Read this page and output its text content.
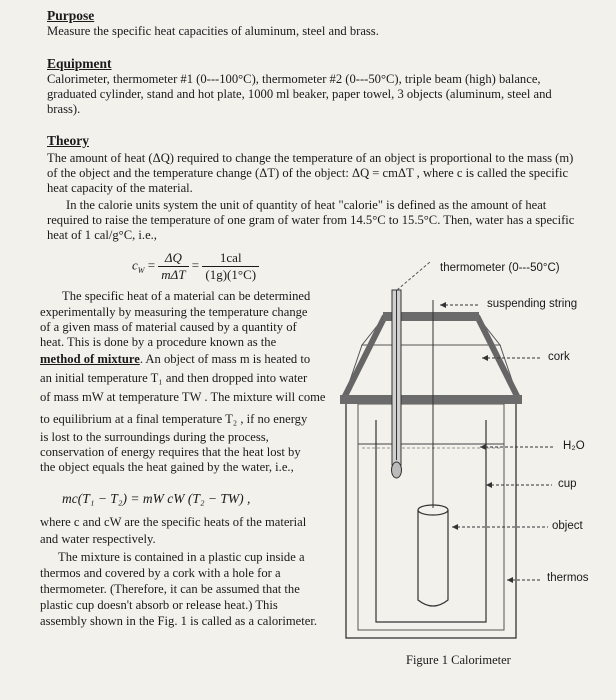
Purpose
Measure the specific heat capacities of aluminum, steel and brass.
Equipment
Calorimeter, thermometer #1 (0---100°C), thermometer #2 (0---50°C), triple beam (high) balance,
graduated cylinder, stand and hot plate, 1000 ml beaker, paper towel, 3 objects (aluminum, steel and
brass).
Theory
The amount of heat (ΔQ) required to change the temperature of an object is proportional to the mass (m)
of the object and the temperature change (ΔT) of the object: ΔQ = cmΔT , where c is called the specific
heat capacity of the material.
In the calorie units system the unit of quantity of heat "calorie" is defined as the amount of heat
required to raise the temperature of one gram of water from 14.5°C to 15.5°C. Then, water has a specific
heat of 1 cal/g°C, i.e.,
$c_W = \frac{\Delta Q}{\text{mΔT}} = \frac{\text{1cal}}{(1g)(1^\circ C)}$
The specific heat of a material can be determined
experimentally by measuring the temperature change
of a given mass of material caused by a quantity of
heat. This is done by a procedure known as the
method of mixture. An object of mass m is heated to
an initial temperature T₁ and then dropped into water
of mass mW at temperature TW . The mixture will come
to equilibrium at a final temperature T₂ , if no energy
is lost to the surroundings during the process,
conservation of energy requires that the heat lost by
the object equals the heat gained by the water, i.e.,
mc(T₁ − T₂) = mW cW (T₂ − TW) ,
where c and cW are the specific heats of the material
and water respectively.
The mixture is contained in a plastic cup inside a
thermos and covered by a cork with a hole for a
thermometer. (Therefore, it can be assumed that the
plastic cup doesn't absorb or release heat.) This
assembly shown in the Fig. 1 is called as a calorimeter.
thermometer (0---50°C)
suspending string
cork
H₂O
cup
object
thermos
Figure 1 Calorimeter
